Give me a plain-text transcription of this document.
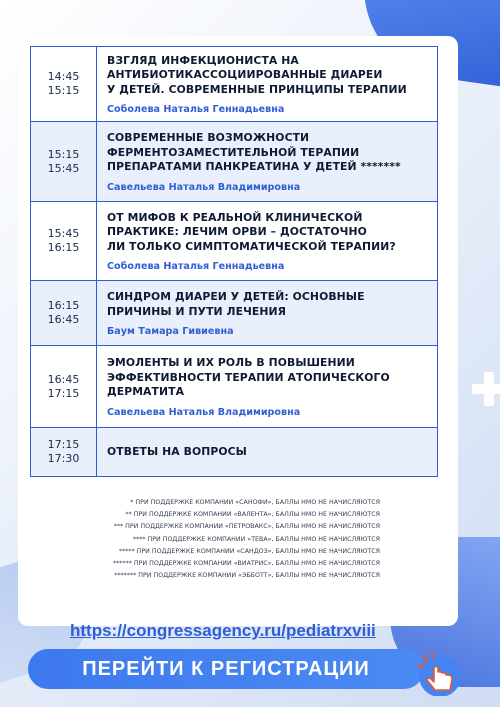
14:45
15:15
ВЗГЛЯД ИНФЕКЦИОНИСТА НА
АНТИБИОТИКАССОЦИИРОВАННЫЕ ДИАРЕИ
У ДЕТЕЙ. СОВРЕМЕННЫЕ ПРИНЦИПЫ ТЕРАПИИ
Соболева Наталья Геннадьевна
15:15
15:45
СОВРЕМЕННЫЕ ВОЗМОЖНОСТИ
ФЕРМЕНТОЗАМЕСТИТЕЛЬНОЙ ТЕРАПИИ
ПРЕПАРАТАМИ ПАНКРЕАТИНА У ДЕТЕЙ *******
Савельева Наталья Владимировна
15:45
16:15
ОТ МИФОВ К РЕАЛЬНОЙ КЛИНИЧЕСКОЙ
ПРАКТИКЕ: ЛЕЧИМ ОРВИ – ДОСТАТОЧНО
ЛИ ТОЛЬКО СИМПТОМАТИЧЕСКОЙ ТЕРАПИИ?
Соболева Наталья Геннадьевна
16:15
16:45
СИНДРОМ ДИАРЕИ У ДЕТЕЙ: ОСНОВНЫЕ
ПРИЧИНЫ И ПУТИ ЛЕЧЕНИЯ
Баум Тамара Гивиевна
16:45
17:15
ЭМОЛЕНТЫ И ИХ РОЛЬ В ПОВЫШЕНИИ
ЭФФЕКТИВНОСТИ ТЕРАПИИ АТОПИЧЕСКОГО
ДЕРМАТИТА
Савельева Наталья Владимировна
17:15
17:30
ОТВЕТЫ НА ВОПРОСЫ
* ПРИ ПОДДЕРЖКЕ КОМПАНИИ «САНОФИ», БАЛЛЫ НМО НЕ НАЧИСЛЯЮТСЯ
** ПРИ ПОДДЕРЖКЕ КОМПАНИИ «ВАЛЕНТА», БАЛЛЫ НМО НЕ НАЧИСЛЯЮТСЯ
*** ПРИ ПОДДЕРЖКЕ КОМПАНИИ «ПЕТРОВАКС», БАЛЛЫ НМО НЕ НАЧИСЛЯЮТСЯ
**** ПРИ ПОДДЕРЖКЕ КОМПАНИИ «ТЕВА», БАЛЛЫ НМО НЕ НАЧИСЛЯЮТСЯ
***** ПРИ ПОДДЕРЖКЕ КОМПАНИИ «САНДОЗ», БАЛЛЫ НМО НЕ НАЧИСЛЯЮТСЯ
****** ПРИ ПОДДЕРЖКЕ КОМПАНИИ «ВИАТРИС», БАЛЛЫ НМО НЕ НАЧИСЛЯЮТСЯ
******* ПРИ ПОДДЕРЖКЕ КОМПАНИИ «ЭББОТТ», БАЛЛЫ НМО НЕ НАЧИСЛЯЮТСЯ
https://congressagency.ru/pediatrxviii
ПЕРЕЙТИ К РЕГИСТРАЦИИ
